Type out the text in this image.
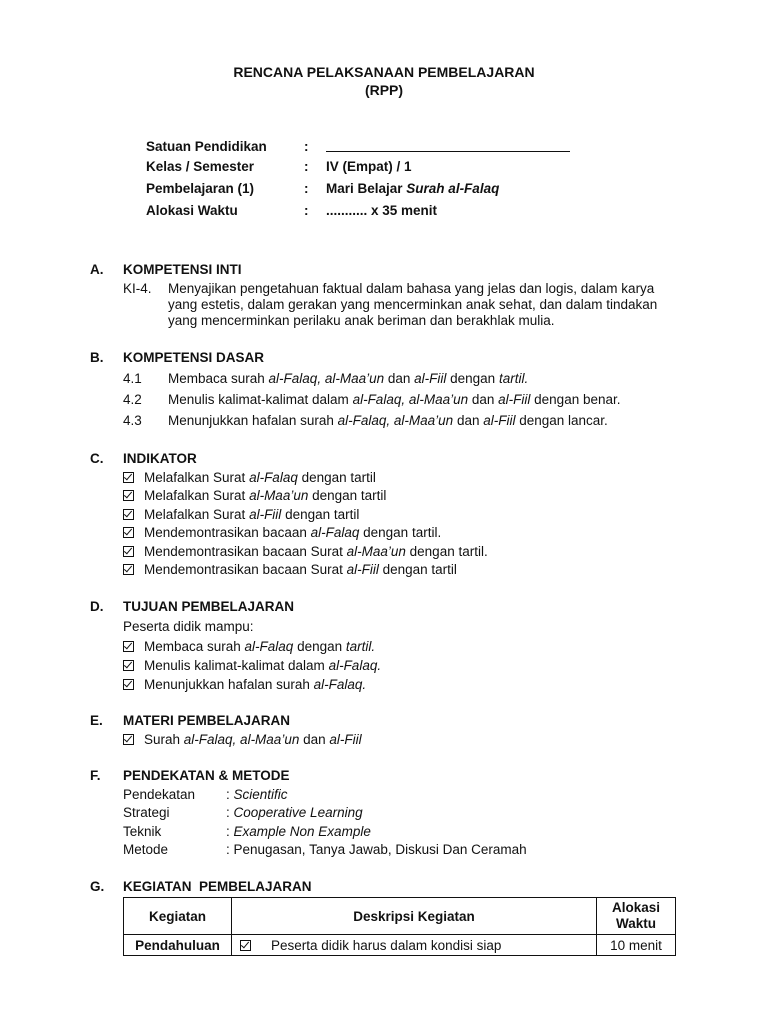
RENCANA PELAKSANAAN PEMBELAJARAN
(RPP)
Satuan Pendidikan	:
Kelas / Semester	: IV (Empat) / 1
Pembelajaran (1)	: Mari Belajar Surah al-Falaq
Alokasi Waktu	: ........... x 35 menit
A. KOMPETENSI INTI
KI-4. Menyajikan pengetahuan faktual dalam bahasa yang jelas dan logis, dalam karya
yang estetis, dalam gerakan yang mencerminkan anak sehat, dan dalam tindakan
yang mencerminkan perilaku anak beriman dan berakhlak mulia.
B. KOMPETENSI DASAR
4.1 Membaca surah al-Falaq, al-Maa’un dan al-Fiil dengan tartil.
4.2 Menulis kalimat-kalimat dalam al-Falaq, al-Maa’un dan al-Fiil dengan benar.
4.3 Menunjukkan hafalan surah al-Falaq, al-Maa’un dan al-Fiil dengan lancar.
C. INDIKATOR
Melafalkan Surat al-Falaq dengan tartil
Melafalkan Surat al-Maa’un dengan tartil
Melafalkan Surat al-Fiil dengan tartil
Mendemontrasikan bacaan al-Falaq dengan tartil.
Mendemontrasikan bacaan Surat al-Maa’un dengan tartil.
Mendemontrasikan bacaan Surat al-Fiil dengan tartil
D. TUJUAN PEMBELAJARAN
Peserta didik mampu:
Membaca surah al-Falaq dengan tartil.
Menulis kalimat-kalimat dalam al-Falaq.
Menunjukkan hafalan surah al-Falaq.
E. MATERI PEMBELAJARAN
Surah al-Falaq, al-Maa’un dan al-Fiil
F. PENDEKATAN & METODE
Pendekatan : Scientific
Strategi	: Cooperative Learning
Teknik	: Example Non Example
Metode	: Penugasan, Tanya Jawab, Diskusi Dan Ceramah
G. KEGIATAN  PEMBELAJARAN
Kegiatan	Deskripsi Kegiatan	Alokasi
Waktu
Pendahuluan	Peserta didik harus dalam kondisi siap	10 menit
